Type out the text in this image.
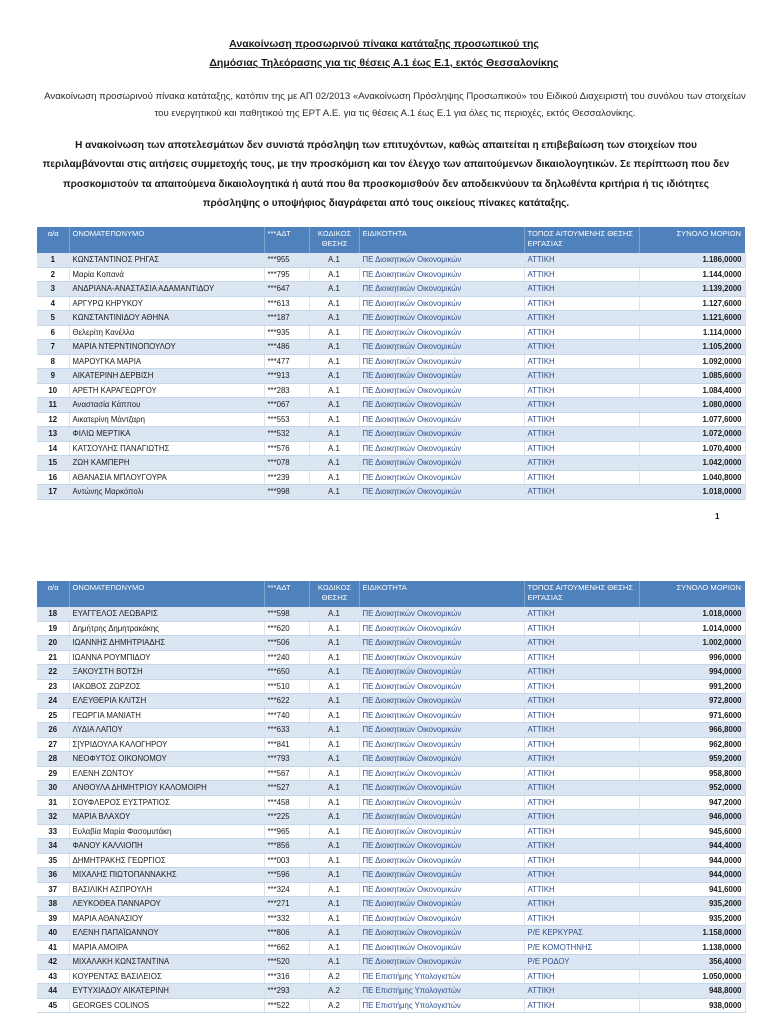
Ανακοίνωση προσωρινού πίνακα κατάταξης προσωπικού της
Δημόσιας Τηλεόρασης για τις θέσεις Α.1 έως Ε.1, εκτός Θεσσαλονίκης
Ανακοίνωση προσωρινού πίνακα κατάταξης, κατόπιν της με ΑΠ 02/2013 «Ανακοίνωση Πρόσληψης Προσωπικού» του Ειδικού Διαχειριστή του συνόλου των στοιχείων του ενεργητικού και παθητικού της ΕΡΤ Α.Ε. για τις θέσεις Α.1 έως Ε.1 για όλες τις περιοχές, εκτός Θεσσαλονίκης.
Η ανακοίνωση των αποτελεσμάτων δεν συνιστά πρόσληψη των επιτυχόντων, καθώς απαιτείται η επιβεβαίωση των στοιχείων που περιλαμβάνονται στις αιτήσεις συμμετοχής τους, με την προσκόμιση και τον έλεγχο των απαιτούμενων δικαιολογητικών. Σε περίπτωση που δεν προσκομιστούν τα απαιτούμενα δικαιολογητικά ή αυτά που θα προσκομισθούν δεν αποδεικνύουν τα δηλωθέντα κριτήρια ή τις ιδιότητες πρόσληψης ο υποψήφιος διαγράφεται από τους οικείους πίνακες κατάταξης.
α/α	ΟΝΟΜΑΤΕΠΩΝΥΜΟ	***ΑΔΤ	ΚΩΔΙΚΟΣ ΘΕΣΗΣ	ΕΙΔΙΚΟΤΗΤΑ	ΤΟΠΟΣ ΑΙΤΟΥΜΕΝΗΣ ΘΕΣΗΣ ΕΡΓΑΣΙΑΣ	ΣΥΝΟΛΟ ΜΟΡΙΩΝ
1	ΚΩΝΣΤΑΝΤΙΝΟΣ ΡΗΓΑΣ	***955	Α.1	ΠΕ Διοικητικών Οικονομικών	ΑΤΤΙΚΗ	1.186,0000
2	Μαρία Κοπανά	***795	Α.1	ΠΕ Διοικητικών Οικονομικών	ΑΤΤΙΚΗ	1.144,0000
3	ΑΝΔΡΙΑΝΑ-ΑΝΑΣΤΑΣΙΑ ΑΔΑΜΑΝΤΙΔΟΥ	***647	Α.1	ΠΕ Διοικητικών Οικονομικών	ΑΤΤΙΚΗ	1.139,2000
4	ΑΡΓΥΡΩ ΚΗΡΥΚΟΥ	***613	Α.1	ΠΕ Διοικητικών Οικονομικών	ΑΤΤΙΚΗ	1.127,6000
5	ΚΩΝΣΤΑΝΤΙΝΙΔΟΥ ΑΘΗΝΑ	***187	Α.1	ΠΕ Διοικητικών Οικονομικών	ΑΤΤΙΚΗ	1.121,6000
6	Θελερίτη Κανέλλα	***935	Α.1	ΠΕ Διοικητικών Οικονομικών	ΑΤΤΙΚΗ	1.114,0000
7	ΜΑΡΙΑ ΝΤΕΡΝΤΙΝΟΠΟΥΛΟΥ	***486	Α.1	ΠΕ Διοικητικών Οικονομικών	ΑΤΤΙΚΗ	1.105,2000
8	ΜΑΡΟΥΓΚΑ ΜΑΡΙΑ	***477	Α.1	ΠΕ Διοικητικών Οικονομικών	ΑΤΤΙΚΗ	1.092,0000
9	ΑΙΚΑΤΕΡΙΝΗ ΔΕΡΒΙΣΗ	***913	Α.1	ΠΕ Διοικητικών Οικονομικών	ΑΤΤΙΚΗ	1.085,6000
10	ΑΡΕΤΗ ΚΑΡΑΓΕΩΡΓΟΥ	***283	Α.1	ΠΕ Διοικητικών Οικονομικών	ΑΤΤΙΚΗ	1.084,4000
11	Αναστασία Κάππου	***067	Α.1	ΠΕ Διοικητικών Οικονομικών	ΑΤΤΙΚΗ	1.080,0000
12	Αικατερίνη Μάντζαρη	***553	Α.1	ΠΕ Διοικητικών Οικονομικών	ΑΤΤΙΚΗ	1.077,6000
13	ΦΙΛΙΩ ΜΕΡΤΙΚΑ	***532	Α.1	ΠΕ Διοικητικών Οικονομικών	ΑΤΤΙΚΗ	1.072,0000
14	ΚΑΤΣΟΥΛΗΣ ΠΑΝΑΓΙΩΤΗΣ	***576	Α.1	ΠΕ Διοικητικών Οικονομικών	ΑΤΤΙΚΗ	1.070,4000
15	ΖΩΗ ΚΑΜΠΕΡΗ	***078	Α.1	ΠΕ Διοικητικών Οικονομικών	ΑΤΤΙΚΗ	1.042,0000
16	ΑΘΑΝΑΣΙΑ ΜΠΛΟΥΓΟΥΡΑ	***239	Α.1	ΠΕ Διοικητικών Οικονομικών	ΑΤΤΙΚΗ	1.040,8000
17	Αντώνης Μαρκόπολι	***998	Α.1	ΠΕ Διοικητικών Οικονομικών	ΑΤΤΙΚΗ	1.018,0000
1
α/α	ΟΝΟΜΑΤΕΠΩΝΥΜΟ	***ΑΔΤ	ΚΩΔΙΚΟΣ ΘΕΣΗΣ	ΕΙΔΙΚΟΤΗΤΑ	ΤΟΠΟΣ ΑΙΤΟΥΜΕΝΗΣ ΘΕΣΗΣ ΕΡΓΑΣΙΑΣ	ΣΥΝΟΛΟ ΜΟΡΙΩΝ
18	ΕΥΑΓΓΕΛΟΣ ΛΕΩΒΑΡΙΣ	***598	Α.1	ΠΕ Διοικητικών Οικονομικών	ΑΤΤΙΚΗ	1.018,0000
19	Δημήτρης Δημητρακάκης	***620	Α.1	ΠΕ Διοικητικών Οικονομικών	ΑΤΤΙΚΗ	1.014,0000
20	ΙΩΑΝΝΗΣ ΔΗΜΗΤΡΙΑΔΗΣ	***506	Α.1	ΠΕ Διοικητικών Οικονομικών	ΑΤΤΙΚΗ	1.002,0000
21	ΙΩΑΝΝΑ ΡΟΥΜΠΙΔΟΥ	***240	Α.1	ΠΕ Διοικητικών Οικονομικών	ΑΤΤΙΚΗ	996,0000
22	ΞΑΚΟΥΣΤΗ ΒΟΤΣΗ	***650	Α.1	ΠΕ Διοικητικών Οικονομικών	ΑΤΤΙΚΗ	994,0000
23	ΙΑΚΩΒΟΣ ΖΩΡΖΟΣ	***510	Α.1	ΠΕ Διοικητικών Οικονομικών	ΑΤΤΙΚΗ	991,2000
24	ΕΛΕΥΘΕΡΙΑ ΚΛΙΤΣΗ	***622	Α.1	ΠΕ Διοικητικών Οικονομικών	ΑΤΤΙΚΗ	972,8000
25	ΓΕΩΡΓΙΑ ΜΑΝΙΑΤΗ	***740	Α.1	ΠΕ Διοικητικών Οικονομικών	ΑΤΤΙΚΗ	971,6000
26	ΛΥΔΙΑ ΛΑΠΟΥ	***633	Α.1	ΠΕ Διοικητικών Οικονομικών	ΑΤΤΙΚΗ	966,8000
27	Σ[ΥΡΙΔΟΥΛΑ ΚΑΛΟΓΗΡΟΥ	***841	Α.1	ΠΕ Διοικητικών Οικονομικών	ΑΤΤΙΚΗ	962,8000
28	ΝΕΟΦΥΤΟΣ ΟΙΚΟΝΟΜΟΥ	***793	Α.1	ΠΕ Διοικητικών Οικονομικών	ΑΤΤΙΚΗ	959,2000
29	ΕΛΕΝΗ ΖΩΝΤΟΥ	***567	Α.1	ΠΕ Διοικητικών Οικονομικών	ΑΤΤΙΚΗ	958,8000
30	ΑΝΘΟΥΛΑ ΔΗΜΗΤΡΙΟΥ ΚΑΛΟΜΟΙΡΗ	***527	Α.1	ΠΕ Διοικητικών Οικονομικών	ΑΤΤΙΚΗ	952,0000
31	ΣΟΥΦΛΕΡΟΣ ΕΥΣΤΡΑΤΙΟΣ	***458	Α.1	ΠΕ Διοικητικών Οικονομικών	ΑΤΤΙΚΗ	947,2000
32	ΜΑΡΙΑ ΒΛΑΧΟΥ	***225	Α.1	ΠΕ Διοικητικών Οικονομικών	ΑΤΤΙΚΗ	946,0000
33	Ευλαβία Μαρία Φασομυτάκη	***965	Α.1	ΠΕ Διοικητικών Οικονομικών	ΑΤΤΙΚΗ	945,6000
34	ΦΑΝΟΥ ΚΑΛΛΙΟΠΗ	***856	Α.1	ΠΕ Διοικητικών Οικονομικών	ΑΤΤΙΚΗ	944,4000
35	ΔΗΜΗΤΡΑΚΗΣ ΓΕΩΡΓΙΟΣ	***003	Α.1	ΠΕ Διοικητικών Οικονομικών	ΑΤΤΙΚΗ	944,0000
36	ΜΙΧΑΛΗΣ ΠΙΩΤΟΠΑΝΝΑΚΗΣ	***596	Α.1	ΠΕ Διοικητικών Οικονομικών	ΑΤΤΙΚΗ	944,0000
37	ΒΑΣΙΛΙΚΗ ΑΣΠΡΟΥΛΗ	***324	Α.1	ΠΕ Διοικητικών Οικονομικών	ΑΤΤΙΚΗ	941,6000
38	ΛΕΥΚΟΘΕΑ ΠΑΝΝΑΡΟΥ	***271	Α.1	ΠΕ Διοικητικών Οικονομικών	ΑΤΤΙΚΗ	935,2000
39	ΜΑΡΙΑ ΑΘΑΝΑΣΙΟΥ	***332	Α.1	ΠΕ Διοικητικών Οικονομικών	ΑΤΤΙΚΗ	935,2000
40	ΕΛΕΝΗ ΠΑΠΑΪΩΑΝΝΟΥ	***806	Α.1	ΠΕ Διοικητικών Οικονομικών	Ρ/Ε ΚΕΡΚΥΡΑΣ	1.158,0000
41	ΜΑΡΙΑ ΑΜΟΙΡΑ	***662	Α.1	ΠΕ Διοικητικών Οικονομικών	Ρ/Ε ΚΟΜΟΤΗΝΗΣ	1.138,0000
42	ΜΙΧΑΛΑΚΗ ΚΩΝΣΤΑΝΤΙΝΑ	***520	Α.1	ΠΕ Διοικητικών Οικονομικών	Ρ/Ε ΡΟΔΟΥ	356,4000
43	ΚΟΥΡΕΝΤΑΣ ΒΑΣΙΛΕΙΟΣ	***316	Α.2	ΠΕ Επιστήμης Υπολογιστών	ΑΤΤΙΚΗ	1.050,0000
44	ΕΥΤΥΧΙΑΔΟΥ ΑΙΚΑΤΕΡΙΝΗ	***293	Α.2	ΠΕ Επιστήμης Υπολογιστών	ΑΤΤΙΚΗ	948,8000
45	GEORGES COLINOS	***522	Α.2	ΠΕ Επιστήμης Υπολογιστών	ΑΤΤΙΚΗ	938,0000
